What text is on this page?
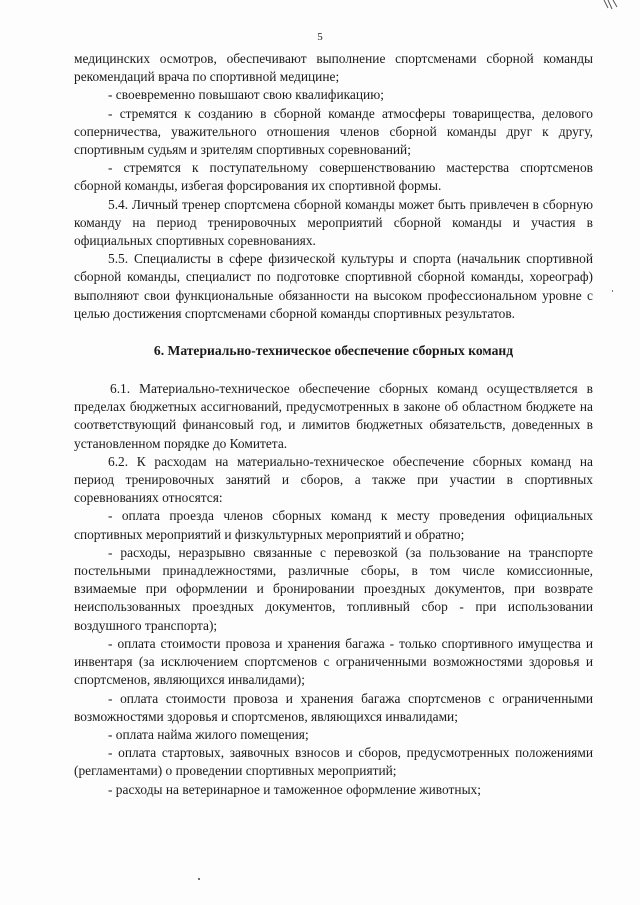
5

медицинских осмотров, обеспечивают выполнение спортсменами сборной команды рекомендаций врача по спортивной медицине;

- своевременно повышают свою квалификацию;

- стремятся к созданию в сборной команде атмосферы товарищества, делового соперничества, уважительного отношения членов сборной команды друг к другу, спортивным судьям и зрителям спортивных соревнований;

- стремятся к поступательному совершенствованию мастерства спортсменов сборной команды, избегая форсирования их спортивной формы.

5.4. Личный тренер спортсмена сборной команды может быть привлечен в сборную команду на период тренировочных мероприятий сборной команды и участия в официальных спортивных соревнованиях.

5.5. Специалисты в сфере физической культуры и спорта (начальник спортивной сборной команды, специалист по подготовке спортивной сборной команды, хореограф) выполняют свои функциональные обязанности на высоком профессиональном уровне с целью достижения спортсменами сборной команды спортивных результатов.

6. Материально-техническое обеспечение сборных команд

6.1. Материально-техническое обеспечение сборных команд осуществляется в пределах бюджетных ассигнований, предусмотренных в законе об областном бюджете на соответствующий финансовый год, и лимитов бюджетных обязательств, доведенных в установленном порядке до Комитета.

6.2. К расходам на материально-техническое обеспечение сборных команд на период тренировочных занятий и сборов, а также при участии в спортивных соревнованиях относятся:

- оплата проезда членов сборных команд к месту проведения официальных спортивных мероприятий и физкультурных мероприятий и обратно;

- расходы, неразрывно связанные с перевозкой (за пользование на транспорте постельными принадлежностями, различные сборы, в том числе комиссионные, взимаемые при оформлении и бронировании проездных документов, при возврате неиспользованных проездных документов, топливный сбор - при использовании воздушного транспорта);

- оплата стоимости провоза и хранения багажа - только спортивного имущества и инвентаря (за исключением спортсменов с ограниченными возможностями здоровья и спортсменов, являющихся инвалидами);

- оплата стоимости провоза и хранения багажа спортсменов с ограниченными возможностями здоровья и спортсменов, являющихся инвалидами;

- оплата найма жилого помещения;

- оплата стартовых, заявочных взносов и сборов, предусмотренных положениями (регламентами) о проведении спортивных мероприятий;

- расходы на ветеринарное и таможенное оформление животных;
